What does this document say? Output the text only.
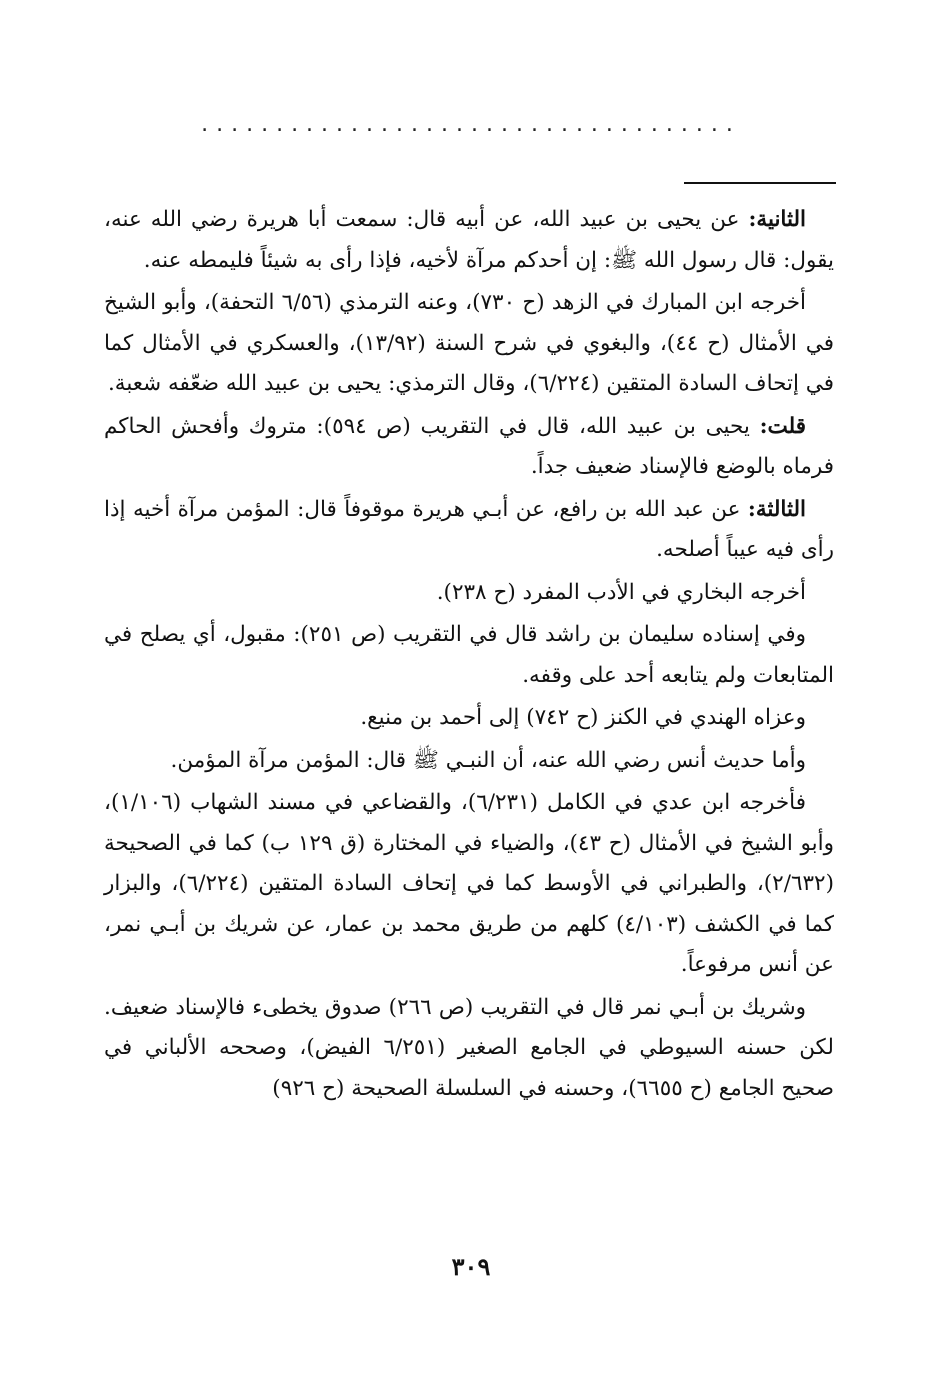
....................................

الثانية: عن يحيى بن عبيد الله، عن أبيه قال: سمعت أبا هريرة رضي الله عنه، يقول: قال رسول الله ﷺ: إن أحدكم مرآة لأخيه، فإذا رأى به شيئاً فليمطه عنه.

أخرجه ابن المبارك في الزهد (ح ٧٣٠)، وعنه الترمذي (٦/٥٦ التحفة)، وأبو الشيخ في الأمثال (ح ٤٤)، والبغوي في شرح السنة (١٣/٩٢)، والعسكري في الأمثال كما في إتحاف السادة المتقين (٦/٢٢٤)، وقال الترمذي: يحيى بن عبيد الله ضعّفه شعبة.

قلت: يحيى بن عبيد الله، قال في التقريب (ص ٥٩٤): متروك وأفحش الحاكم فرماه بالوضع فالإسناد ضعيف جداً.

الثالثة: عن عبد الله بن رافع، عن أبـي هريرة موقوفاً قال: المؤمن مرآة أخيه إذا رأى فيه عيباً أصلحه.

أخرجه البخاري في الأدب المفرد (ح ٢٣٨).

وفي إسناده سليمان بن راشد قال في التقريب (ص ٢٥١): مقبول، أي يصلح في المتابعات ولم يتابعه أحد على وقفه.

وعزاه الهندي في الكنز (ح ٧٤٢) إلى أحمد بن منيع.

وأما حديث أنس رضي الله عنه، أن النبـي ﷺ قال: المؤمن مرآة المؤمن.

فأخرجه ابن عدي في الكامل (٦/٢٣١)، والقضاعي في مسند الشهاب (١/١٠٦)، وأبو الشيخ في الأمثال (ح ٤٣)، والضياء في المختارة (ق ١٢٩ ب) كما في الصحيحة (٢/٦٣٢)، والطبراني في الأوسط كما في إتحاف السادة المتقين (٦/٢٢٤)، والبزار كما في الكشف (٤/١٠٣) كلهم من طريق محمد بن عمار، عن شريك بن أبـي نمر، عن أنس مرفوعاً.

وشريك بن أبـي نمر قال في التقريب (ص ٢٦٦) صدوق يخطىء فالإسناد ضعيف. لكن حسنه السيوطي في الجامع الصغير (٦/٢٥١ الفيض)، وصححه الألباني في صحيح الجامع (ح ٦٦٥٥)، وحسنه في السلسلة الصحيحة (ح ٩٢٦)

٣٠٩
